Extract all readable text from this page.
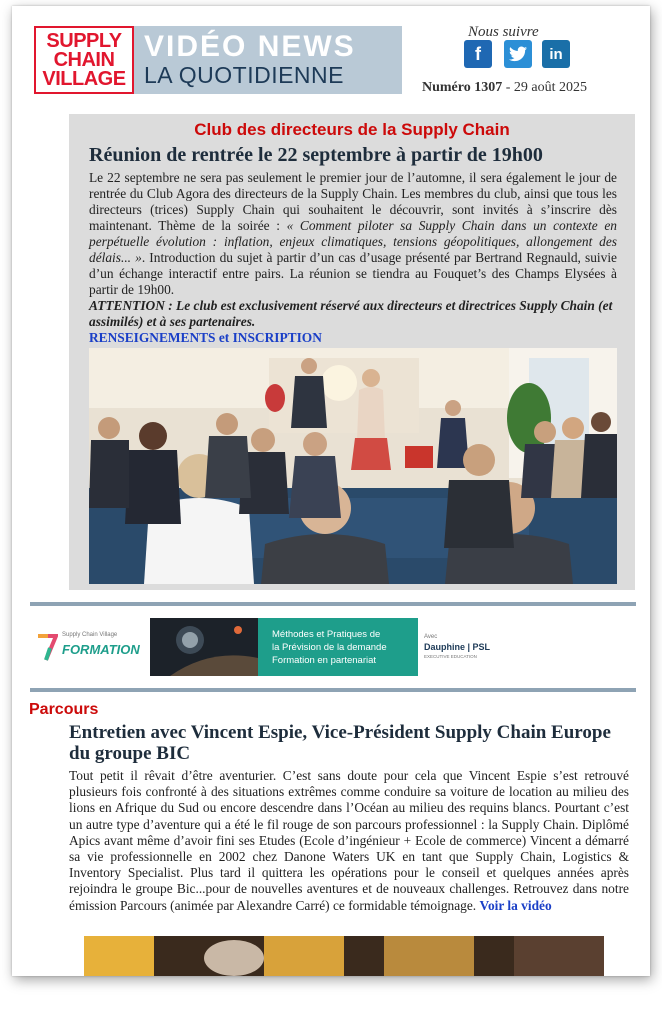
SUPPLY
CHAIN
VILLAGE
VIDÉO NEWS
LA QUOTIDIENNE
Nous suivre
f	in
Numéro 1307 - 29 août 2025
Club des directeurs de la Supply Chain
Réunion de rentrée le 22 septembre à partir de 19h00
Le 22 septembre ne sera pas seulement le premier jour de l’automne, il sera également le jour de rentrée du Club Agora des directeurs de la Supply Chain. Les membres du club, ainsi que tous les directeurs (trices) Supply Chain qui souhaitent le découvrir, sont invités à s’inscrire dès maintenant. Thème de la soirée : « Comment piloter sa Supply Chain dans un contexte en perpétuelle évolution : inflation, enjeux climatiques, tensions géopolitiques, allongement des délais... ». Introduction du sujet à partir d’un cas d’usage présenté par Bertrand Regnauld, suivie d’un échange interactif entre pairs. La réunion se tiendra au Fouquet’s des Champs Elysées à partir de 19h00.
ATTENTION : Le club est exclusivement réservé aux directeurs et directrices Supply Chain (et assimilés) et à ses partenaires.
RENSEIGNEMENTS et INSCRIPTION
Supply Chain Village
FORMATION
Méthodes et Pratiques de
la Prévision de la demande
Formation en partenariat
Avec
Dauphine | PSL
EXECUTIVE EDUCATION
Parcours
Entretien avec Vincent Espie, Vice-Président Supply Chain Europe du groupe BIC
Tout petit il rêvait d’être aventurier. C’est sans doute pour cela que Vincent Espie s’est retrouvé plusieurs fois confronté à des situations extrêmes comme conduire sa voiture de location au milieu des lions en Afrique du Sud ou encore descendre dans l’Océan au milieu des requins blancs. Pourtant c’est un autre type d’aventure qui a été le fil rouge de son parcours professionnel : la Supply Chain. Diplômé Apics avant même d’avoir fini ses Etudes (Ecole d’ingénieur + Ecole de commerce) Vincent a démarré sa vie professionnelle en 2002 chez Danone Waters UK en tant que Supply Chain, Logistics & Inventory Specialist. Plus tard il quittera les opérations pour le conseil et quelques années après rejoindra le groupe Bic...pour de nouvelles aventures et de nouveaux challenges. Retrouvez dans notre émission Parcours (animée par Alexandre Carré) ce formidable témoignage. Voir la vidéo
